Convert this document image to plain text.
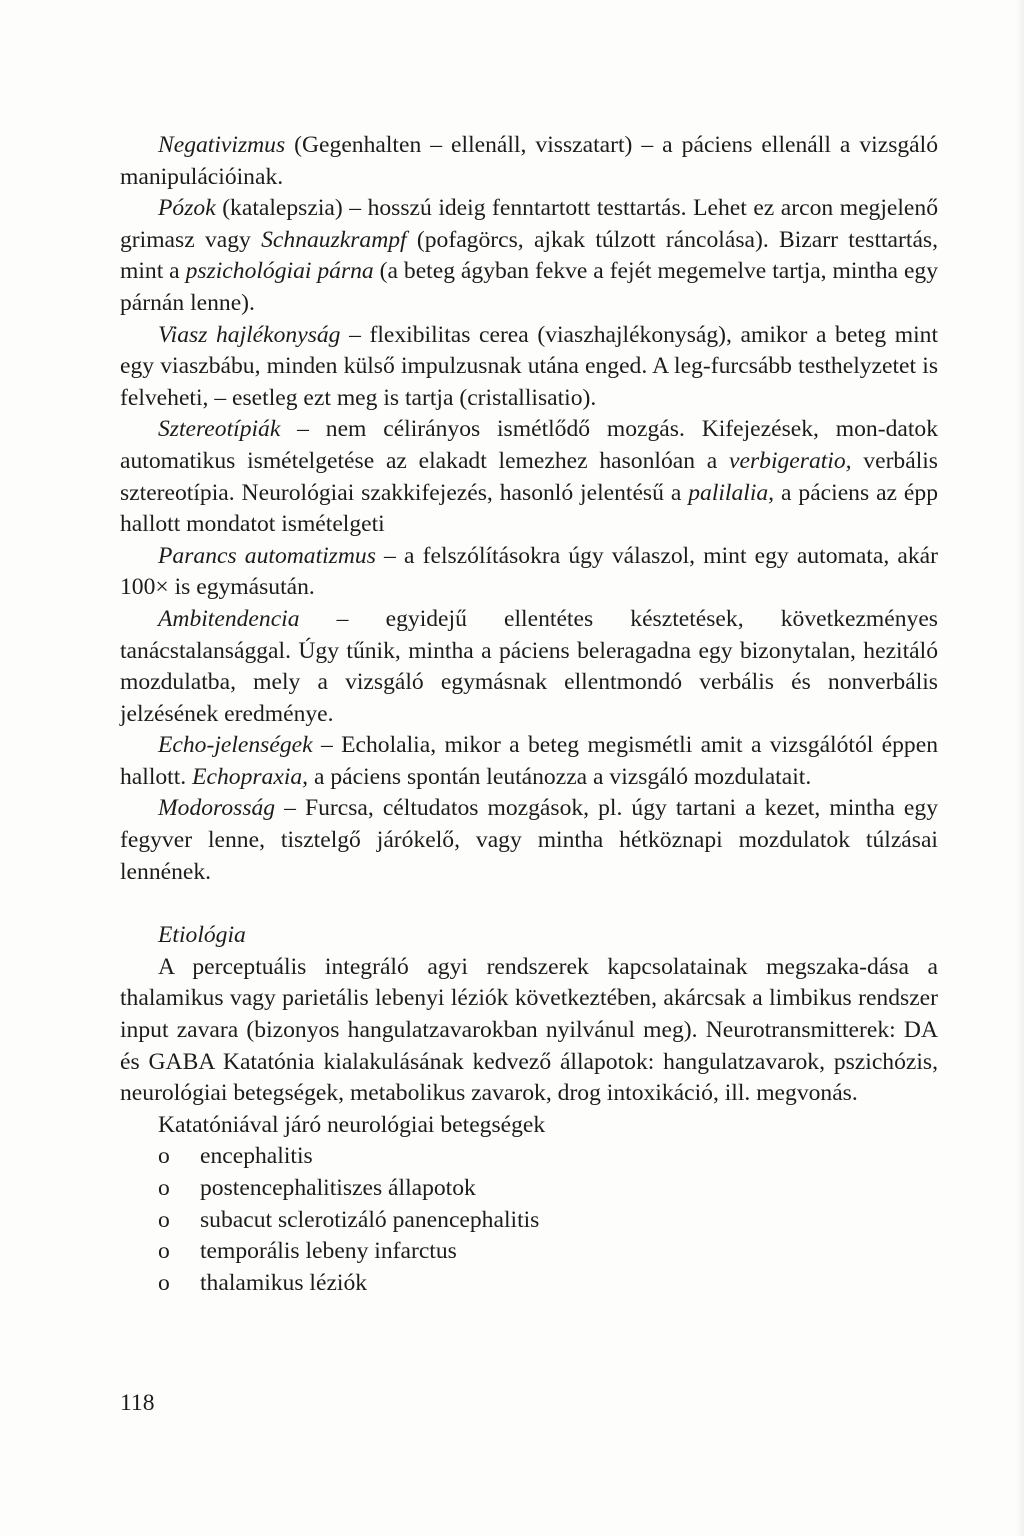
Negativizmus (Gegenhalten – ellenáll, visszatart) – a páciens ellenáll a vizsgáló manipulációinak.

Pózok (katalepszia) – hosszú ideig fenntartott testtartás. Lehet ez arcon megjelenő grimasz vagy Schnauzkrampf (pofagörcs, ajkak túlzott ráncolása). Bizarr testtartás, mint a pszichológiai párna (a beteg ágyban fekve a fejét megemelve tartja, mintha egy párnán lenne).

Viasz hajlékonyság – flexibilitas cerea (viaszhajlékonyság), amikor a beteg mint egy viaszbábu, minden külső impulzusnak utána enged. A leg-furcsább testhelyzetet is felveheti, – esetleg ezt meg is tartja (cristallisatio).

Sztereotípiák – nem célirányos ismétlődő mozgás. Kifejezések, mon-datok automatikus ismételgetése az elakadt lemezhez hasonlóan a verbigeratio, verbális sztereotípia. Neurológiai szakkifejezés, hasonló jelentésű a palilalia, a páciens az épp hallott mondatot ismételgeti

Parancs automatizmus – a felszólításokra úgy válaszol, mint egy automata, akár 100× is egymásután.

Ambitendencia – egyidejű ellentétes késztetések, következményes tanácstalansággal. Úgy tűnik, mintha a páciens beleragadna egy bizonytalan, hezitáló mozdulatba, mely a vizsgáló egymásnak ellentmondó verbális és nonverbális jelzésének eredménye.

Echo-jelenségek – Echolalia, mikor a beteg megismétli amit a vizsgálótól éppen hallott. Echopraxia, a páciens spontán leutánozza a vizsgáló mozdulatait.

Modorosság – Furcsa, céltudatos mozgások, pl. úgy tartani a kezet, mintha egy fegyver lenne, tisztelgő járókelő, vagy mintha hétköznapi mozdulatok túlzásai lennének.

Etiológia

A perceptuális integráló agyi rendszerek kapcsolatainak megszaka-dása a thalamikus vagy parietális lebenyi léziók következtében, akárcsak a limbikus rendszer input zavara (bizonyos hangulatzavarokban nyilvánul meg). Neurotransmitterek: DA és GABA Katatónia kialakulásának kedvező állapotok: hangulatzavarok, pszichózis, neurológiai betegségek, metabolikus zavarok, drog intoxikáció, ill. megvonás.

Katatóniával járó neurológiai betegségek

o	encephalitis
o	postencephalitiszes állapotok
o	subacut sclerotizáló panencephalitis
o	temporális lebeny infarctus
o	thalamikus léziók
118
